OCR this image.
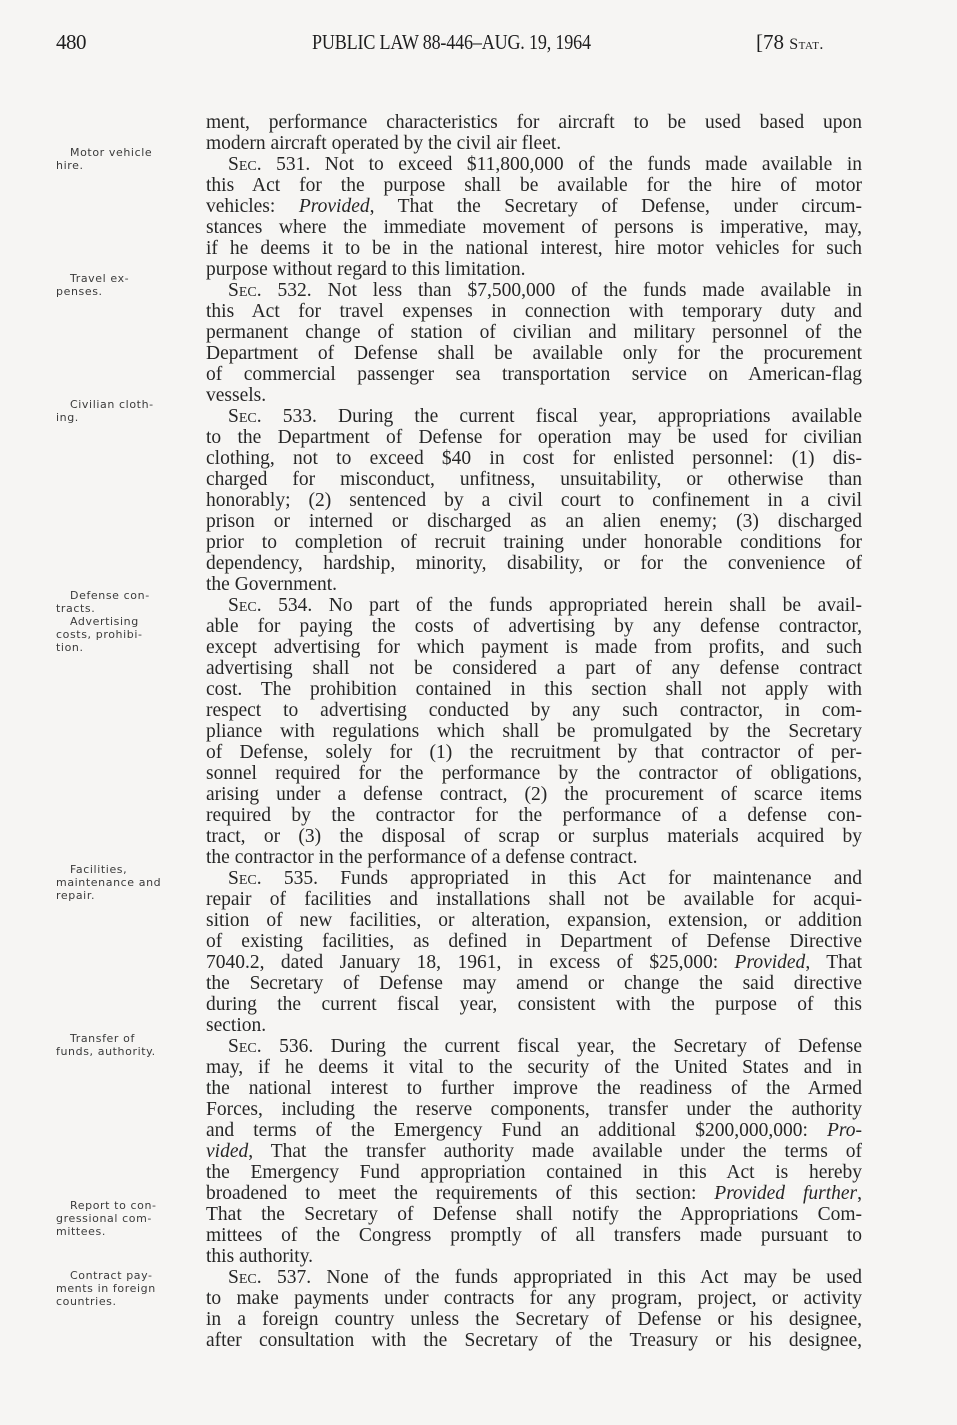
480	PUBLIC LAW 88-446–AUG. 19, 1964	[78 Stat.
Motor vehicle
hire.
Travel ex-
penses.
Civilian cloth-
ing.
Defense con-
tracts.
Advertising
costs, prohibi-
tion.
Facilities,
maintenance and
repair.
Transfer of
funds, authority.
Report to con-
gressional com-
mittees.
Contract pay-
ments in foreign
countries.
ment, performance characteristics for aircraft to be used based upon
modern aircraft operated by the civil air fleet.
Sec. 531. Not to exceed $11,800,000 of the funds made available in
this Act for the purpose shall be available for the hire of motor
vehicles: Provided, That the Secretary of Defense, under circum-
stances where the immediate movement of persons is imperative, may,
if he deems it to be in the national interest, hire motor vehicles for such
purpose without regard to this limitation.
Sec. 532. Not less than $7,500,000 of the funds made available in
this Act for travel expenses in connection with temporary duty and
permanent change of station of civilian and military personnel of the
Department of Defense shall be available only for the procurement
of commercial passenger sea transportation service on American-flag
vessels.
Sec. 533. During the current fiscal year, appropriations available
to the Department of Defense for operation may be used for civilian
clothing, not to exceed $40 in cost for enlisted personnel: (1) dis-
charged for misconduct, unfitness, unsuitability, or otherwise than
honorably; (2) sentenced by a civil court to confinement in a civil
prison or interned or discharged as an alien enemy; (3) discharged
prior to completion of recruit training under honorable conditions for
dependency, hardship, minority, disability, or for the convenience of
the Government.
Sec. 534. No part of the funds appropriated herein shall be avail-
able for paying the costs of advertising by any defense contractor,
except advertising for which payment is made from profits, and such
advertising shall not be considered a part of any defense contract
cost. The prohibition contained in this section shall not apply with
respect to advertising conducted by any such contractor, in com-
pliance with regulations which shall be promulgated by the Secretary
of Defense, solely for (1) the recruitment by that contractor of per-
sonnel required for the performance by the contractor of obligations,
arising under a defense contract, (2) the procurement of scarce items
required by the contractor for the performance of a defense con-
tract, or (3) the disposal of scrap or surplus materials acquired by
the contractor in the performance of a defense contract.
Sec. 535. Funds appropriated in this Act for maintenance and
repair of facilities and installations shall not be available for acqui-
sition of new facilities, or alteration, expansion, extension, or addition
of existing facilities, as defined in Department of Defense Directive
7040.2, dated January 18, 1961, in excess of $25,000: Provided, That
the Secretary of Defense may amend or change the said directive
during the current fiscal year, consistent with the purpose of this
section.
Sec. 536. During the current fiscal year, the Secretary of Defense
may, if he deems it vital to the security of the United States and in
the national interest to further improve the readiness of the Armed
Forces, including the reserve components, transfer under the authority
and terms of the Emergency Fund an additional $200,000,000: Pro-
vided, That the transfer authority made available under the terms of
the Emergency Fund appropriation contained in this Act is hereby
broadened to meet the requirements of this section: Provided further,
That the Secretary of Defense shall notify the Appropriations Com-
mittees of the Congress promptly of all transfers made pursuant to
this authority.
Sec. 537. None of the funds appropriated in this Act may be used
to make payments under contracts for any program, project, or activity
in a foreign country unless the Secretary of Defense or his designee,
after consultation with the Secretary of the Treasury or his designee,
